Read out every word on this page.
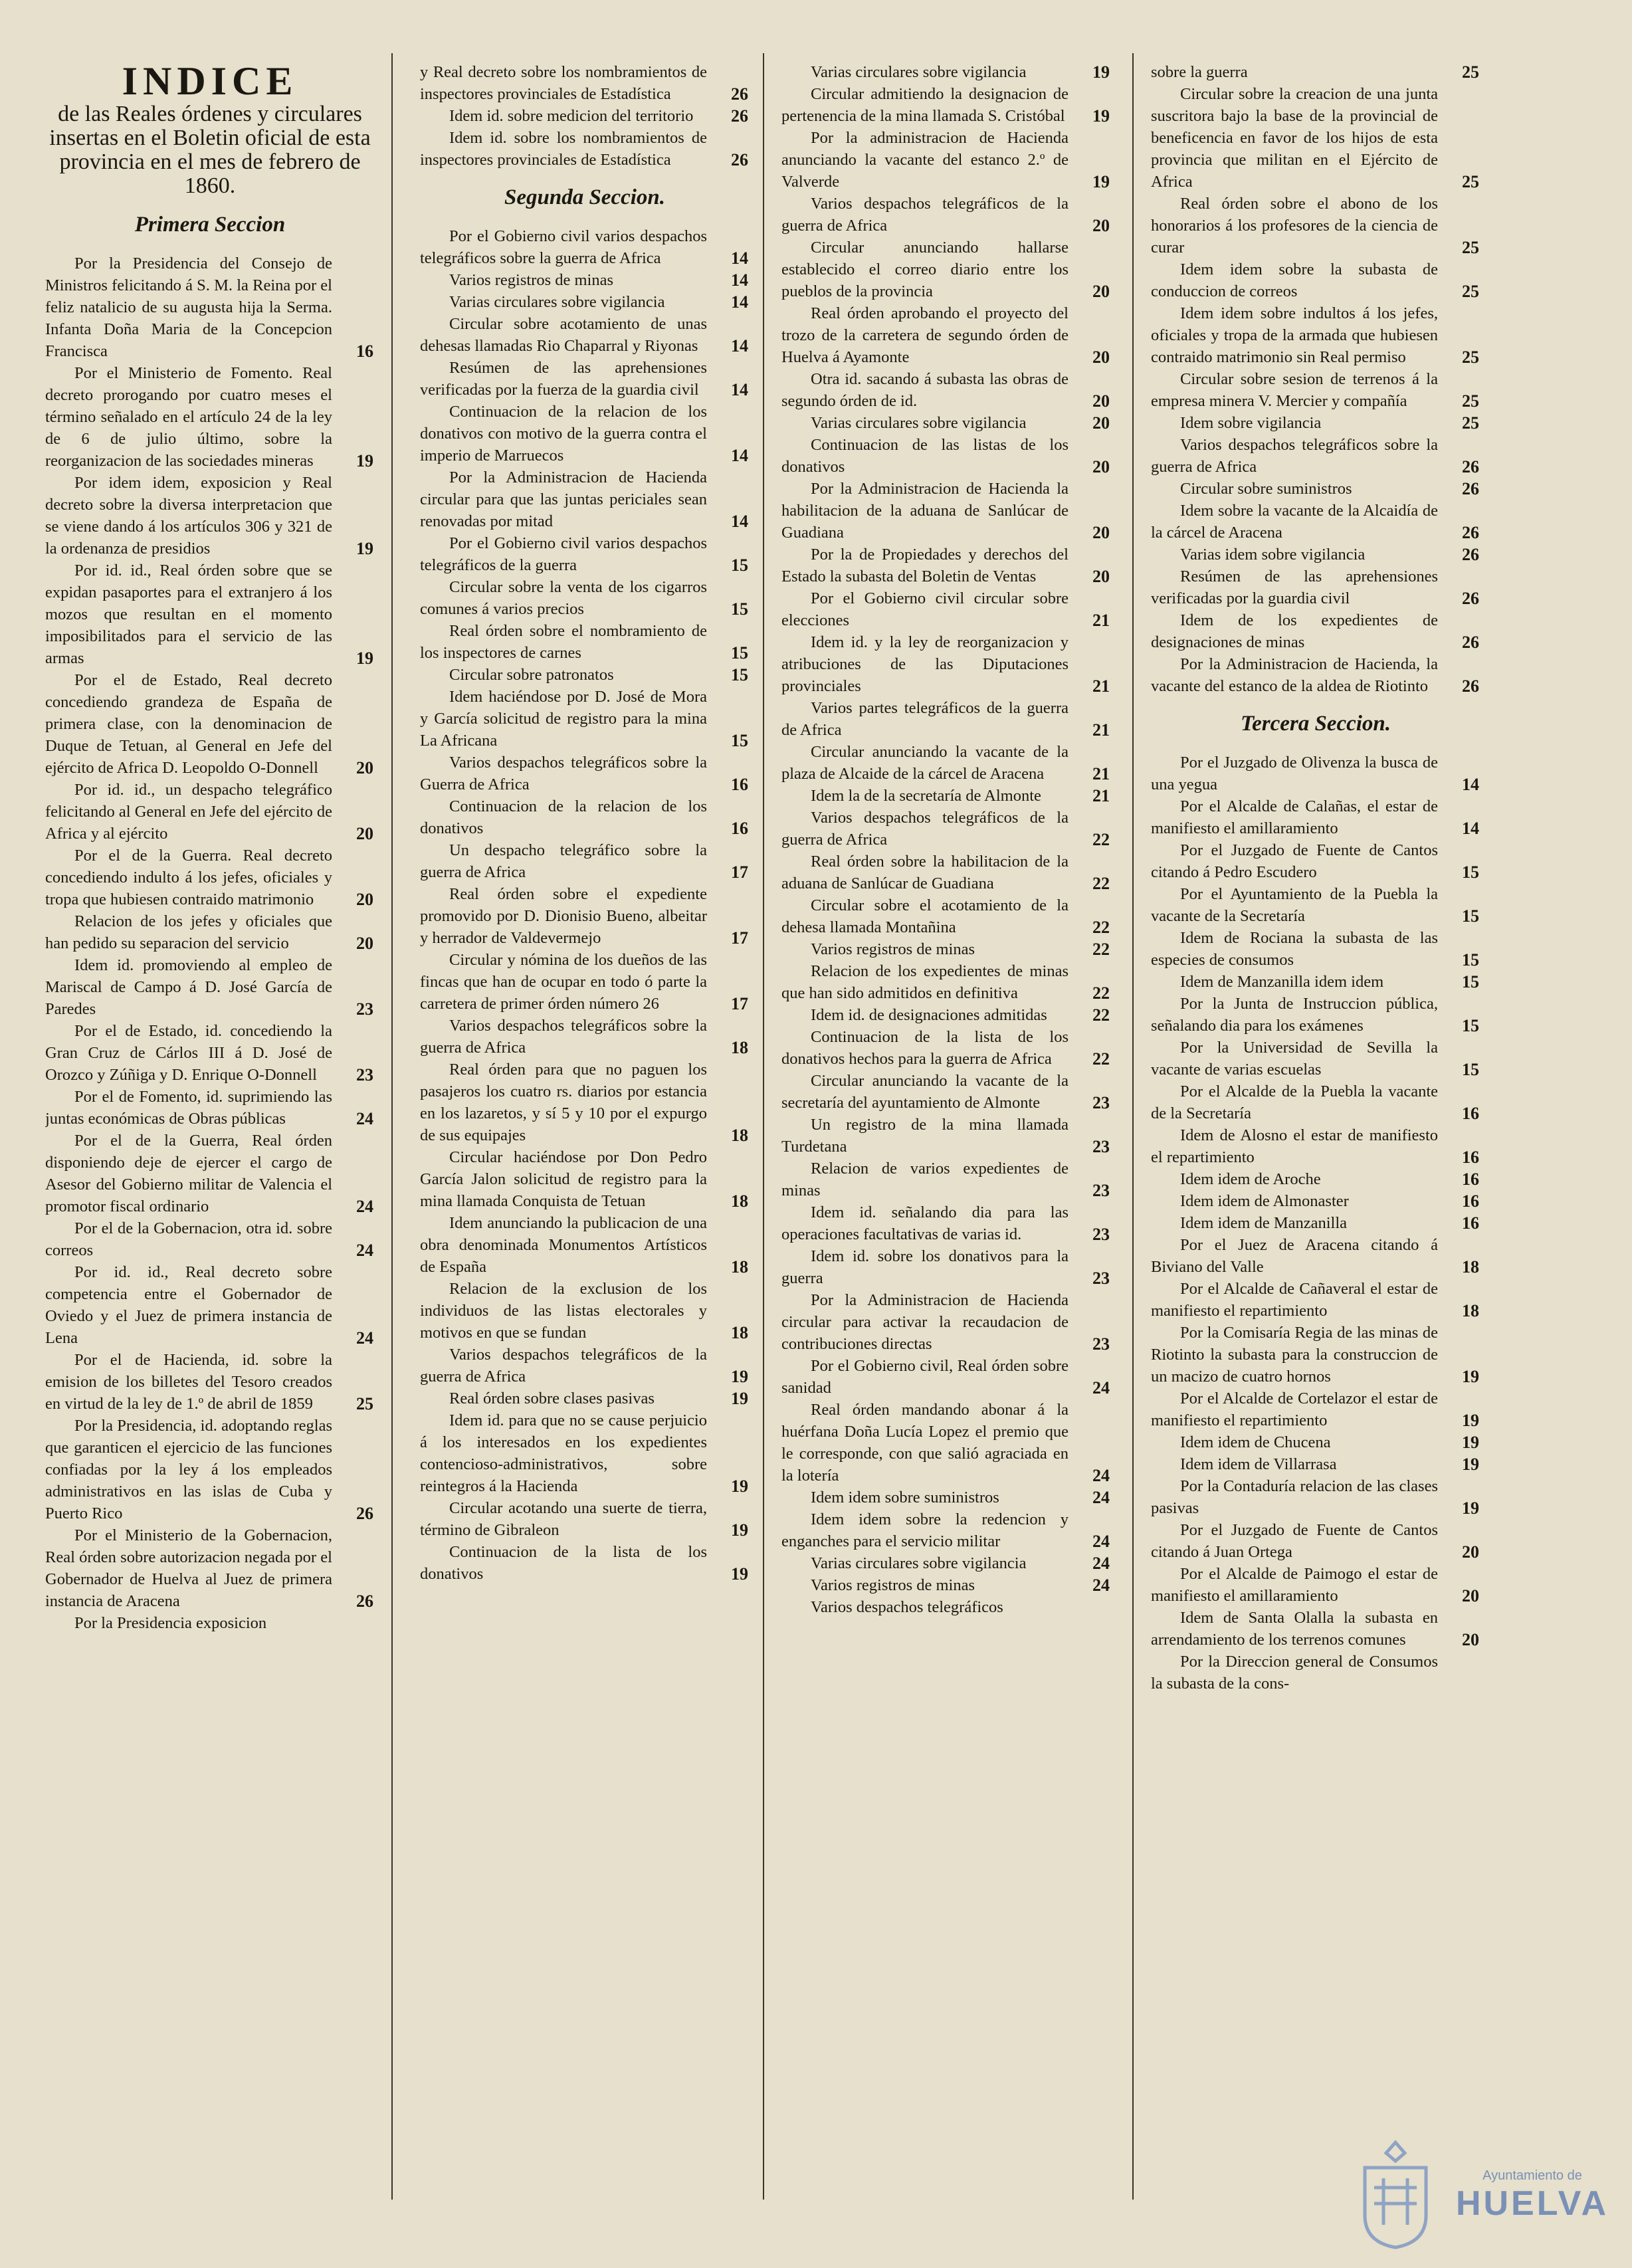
INDICE
de las Reales órdenes y circulares insertas en el Boletin oficial de esta provincia en el mes de febrero de 1860.
Primera Seccion
Por la Presidencia del Consejo de Ministros felicitando á S. M. la Reina por el feliz natalicio de su augusta hija la Serma. Infanta Doña Maria de la Concepcion Francisca	16
Por el Ministerio de Fomento. Real decreto prorogando por cuatro meses el término señalado en el artículo 24 de la ley de 6 de julio último, sobre la reorganizacion de las sociedades mineras 19
Por idem idem, exposicion y Real decreto sobre la diversa interpretacion que se viene dando á los artículos 306 y 321 de la ordenanza de presidios	19
Por id. id., Real órden sobre que se expidan pasaportes para el extranjero á los mozos que resultan en el momento imposibilitados para el servicio de las armas	19
Por el de Estado, Real decreto concediendo grandeza de España de primera clase, con la denominacion de Duque de Tetuan, al General en Jefe del ejército de Africa D. Leopoldo O-Donnell 20
Por id. id., un despacho telegráfico felicitando al General en Jefe del ejército de Africa y al ejército	20
Por el de la Guerra. Real decreto concediendo indulto á los jefes, oficiales y tropa que hubiesen contraido matrimonio 20
Relacion de los jefes y oficiales que han pedido su separacion del servicio	20
Idem id. promoviendo al empleo de Mariscal de Campo á D. José García de Paredes	23
Por el de Estado, id. concediendo la Gran Cruz de Cárlos III á D. José de Orozco y Zúñiga y D. Enrique O-Donnell 23
Por el de Fomento, id. suprimiendo las juntas económicas de Obras públicas	24
Por el de la Guerra, Real órden disponiendo deje de ejercer el cargo de Asesor del Gobierno militar de Valencia el promotor fiscal ordinario	24
Por el de la Gobernacion, otra id. sobre correos	24
Por id. id., Real decreto sobre competencia entre el Gobernador de Oviedo y el Juez de primera instancia de Lena	24
Por el de Hacienda, id. sobre la emision de los billetes del Tesoro creados en virtud de la ley de 1.º de abril de 1859	25
Por la Presidencia, id. adoptando reglas que garanticen el ejercicio de las funciones confiadas por la ley á los empleados administrativos en las islas de Cuba y Puerto Rico	26
Por el Ministerio de la Gobernacion, Real órden sobre autorizacion negada por el Gobernador de Huelva al Juez de primera instancia de Aracena	26
Por la Presidencia exposicion
y Real decreto sobre los nombramientos de inspectores provinciales de Estadística	26
Idem id. sobre medicion del territorio 26
Idem id. sobre los nombramientos de inspectores provinciales de Estadística	26
Segunda Seccion.
Por el Gobierno civil varios despachos telegráficos sobre la guerra de Africa	14
Varios registros de minas	14
Varias circulares sobre vigilancia	14
Circular sobre acotamiento de unas dehesas llamadas Rio Chaparral y Riyonas 14
Resúmen de las aprehensiones verificadas por la fuerza de la guardia civil 14
Continuacion de la relacion de los donativos con motivo de la guerra contra el imperio de Marruecos	14
Por la Administracion de Hacienda circular para que las juntas periciales sean renovadas por mitad	14
Por el Gobierno civil varios despachos telegráficos de la guerra	15
Circular sobre la venta de los cigarros comunes á varios precios	15
Real órden sobre el nombramiento de los inspectores de carnes	15
Circular sobre patronatos	15
Idem haciéndose por D. José de Mora y García solicitud de registro para la mina La Africana	15
Varios despachos telegráficos sobre la Guerra de Africa	16
Continuacion de la relacion de los donativos	16
Un despacho telegráfico sobre la guerra de Africa	17
Real órden sobre el expediente promovido por D. Dionisio Bueno, albeitar y herrador de Valdevermejo	17
Circular y nómina de los dueños de las fincas que han de ocupar en todo ó parte la carretera de primer órden número 26	17
Varios despachos telegráficos sobre la guerra de Africa	18
Real órden para que no paguen los pasajeros los cuatro rs. diarios por estancia en los lazaretos, y sí 5 y 10 por el expurgo de sus equipajes	18
Circular haciéndose por Don Pedro García Jalon solicitud de registro para la mina llamada Conquista de Tetuan	18
Idem anunciando la publicacion de una obra denominada Monumentos Artísticos de España	18
Relacion de la exclusion de los individuos de las listas electorales y motivos en que se fundan	18
Varios despachos telegráficos de la guerra de Africa	19
Real órden sobre clases pasivas	19
Idem id. para que no se cause perjuicio á los interesados en los expedientes contencioso-administrativos, sobre reintegros á la Hacienda	19
Circular acotando una suerte de tierra, término de Gibraleon	19
Continuacion de la lista de los donativos	19
Varias circulares sobre vigilancia	19
Circular admitiendo la designacion de pertenencia de la mina llamada S. Cristóbal 19
Por la administracion de Hacienda anunciando la vacante del estanco 2.º de Valverde	19
Varios despachos telegráficos de la guerra de Africa	20
Circular anunciando hallarse establecido el correo diario entre los pueblos de la provincia	20
Real órden aprobando el proyecto del trozo de la carretera de segundo órden de Huelva á Ayamonte	20
Otra id. sacando á subasta las obras de segundo órden de id.	20
Varias circulares sobre vigilancia	20
Continuacion de las listas de los donativos	20
Por la Administracion de Hacienda la habilitacion de la aduana de Sanlúcar de Guadiana	20
Por la de Propiedades y derechos del Estado la subasta del Boletin de Ventas	20
Por el Gobierno civil circular sobre elecciones	21
Idem id. y la ley de reorganizacion y atribuciones de las Diputaciones provinciales	21
Varios partes telegráficos de la guerra de Africa	21
Circular anunciando la vacante de la plaza de Alcaide de la cárcel de Aracena	21
Idem la de la secretaría de Almonte	21
Varios despachos telegráficos de la guerra de Africa	22
Real órden sobre la habilitacion de la aduana de Sanlúcar de Guadiana	22
Circular sobre el acotamiento de la dehesa llamada Montañina	22
Varios registros de minas	22
Relacion de los expedientes de minas que han sido admitidos en definitiva	22
Idem id. de designaciones admitidas	22
Continuacion de la lista de los donativos hechos para la guerra de Africa 22
Circular anunciando la vacante de la secretaría del ayuntamiento de Almonte	23
Un registro de la mina llamada Turdetana	23
Relacion de varios expedientes de minas	23
Idem id. señalando dia para las operaciones facultativas de varias id.	23
Idem id. sobre los donativos para la guerra	23
Por la Administracion de Hacienda circular para activar la recaudacion de contribuciones directas	23
Por el Gobierno civil, Real órden sobre sanidad	24
Real órden mandando abonar á la huérfana Doña Lucía Lopez el premio que le corresponde, con que salió agraciada en la lotería	24
Idem idem sobre suministros	24
Idem idem sobre la redencion y enganches para el servicio militar	24
Varias circulares sobre vigilancia	24
Varios registros de minas	24
Varios despachos telegráficos
sobre la guerra	25
Circular sobre la creacion de una junta suscritora bajo la base de la provincial de beneficencia en favor de los hijos de esta provincia que militan en el Ejército de Africa	25
Real órden sobre el abono de los honorarios á los profesores de la ciencia de curar	25
Idem idem sobre la subasta de conduccion de correos	25
Idem idem sobre indultos á los jefes, oficiales y tropa de la armada que hubiesen contraido matrimonio sin Real permiso	25
Circular sobre sesion de terrenos á la empresa minera V. Mercier y compañía	25
Idem sobre vigilancia	25
Varios despachos telegráficos sobre la guerra de Africa	26
Circular sobre suministros	26
Idem sobre la vacante de la Alcaidía de la cárcel de Aracena	26
Varias idem sobre vigilancia	26
Resúmen de las aprehensiones verificadas por la guardia civil	26
Idem de los expedientes de designaciones de minas	26
Por la Administracion de Hacienda, la vacante del estanco de la aldea de Riotinto 26
Tercera Seccion.
Por el Juzgado de Olivenza la busca de una yegua	14
Por el Alcalde de Calañas, el estar de manifiesto el amillaramiento	14
Por el Juzgado de Fuente de Cantos citando á Pedro Escudero	15
Por el Ayuntamiento de la Puebla la vacante de la Secretaría	15
Idem de Rociana la subasta de las especies de consumos	15
Idem de Manzanilla idem idem	15
Por la Junta de Instruccion pública, señalando dia para los exámenes	15
Por la Universidad de Sevilla la vacante de varias escuelas	15
Por el Alcalde de la Puebla la vacante de la Secretaría	16
Idem de Alosno el estar de manifiesto el repartimiento	16
Idem idem de Aroche	16
Idem idem de Almonaster	16
Idem idem de Manzanilla	16
Por el Juez de Aracena citando á Biviano del Valle	18
Por el Alcalde de Cañaveral el estar de manifiesto el repartimiento	18
Por la Comisaría Regia de las minas de Riotinto la subasta para la construccion de un macizo de cuatro hornos	19
Por el Alcalde de Cortelazor el estar de manifiesto el repartimiento	19
Idem idem de Chucena	19
Idem idem de Villarrasa	19
Por la Contaduría relacion de las clases pasivas	19
Por el Juzgado de Fuente de Cantos citando á Juan Ortega	20
Por el Alcalde de Paimogo el estar de manifiesto el amillaramiento	20
Idem de Santa Olalla la subasta en arrendamiento de los terrenos comunes	20
Por la Direccion general de Consumos la subasta de la cons-
Ayuntamiento de
HUELVA
